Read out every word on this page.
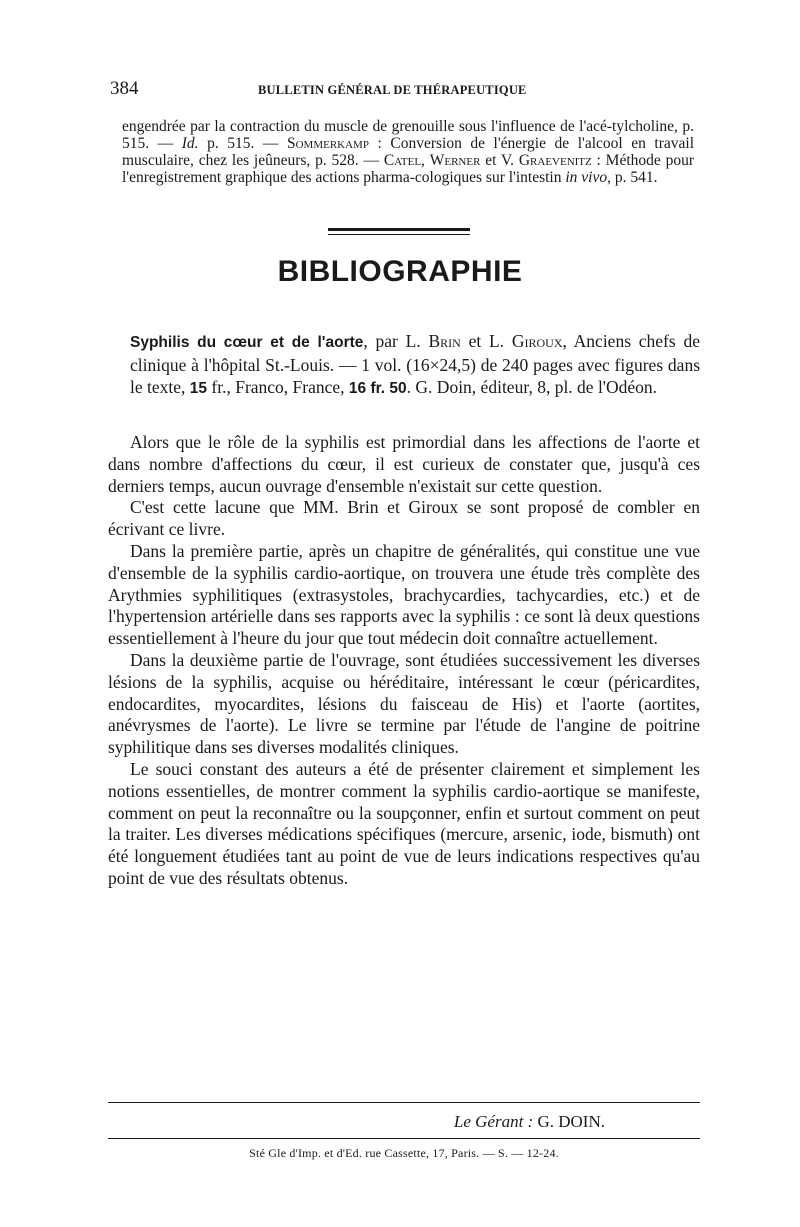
384	BULLETIN GÉNÉRAL DE THÉRAPEUTIQUE

engendrée par la contraction du muscle de grenouille sous l'influence de l'acé-tylcholine, p. 515. — Id. p. 515. — Sommerkamp : Conversion de l'énergie de l'alcool en travail musculaire, chez les jeûneurs, p. 528. — Catel, Werner et V. Graevenitz : Méthode pour l'enregistrement graphique des actions pharma-cologiques sur l'intestin in vivo, p. 541.

BIBLIOGRAPHIE
Syphilis du cœur et de l'aorte, par L. Brin et L. Giroux, Anciens chefs de clinique à l'hôpital St.-Louis. — 1 vol. (16×24,5) de 240 pages avec figures dans le texte, 15 fr., Franco, France, 16 fr. 50. G. Doin, éditeur, 8, pl. de l'Odéon.

Alors que le rôle de la syphilis est primordial dans les affections de l'aorte et dans nombre d'affections du cœur, il est curieux de constater que, jusqu'à ces derniers temps, aucun ouvrage d'ensemble n'existait sur cette question.

C'est cette lacune que MM. Brin et Giroux se sont proposé de combler en écrivant ce livre.

Dans la première partie, après un chapitre de généralités, qui constitue une vue d'ensemble de la syphilis cardio-aortique, on trouvera une étude très complète des Arythmies syphilitiques (extrasystoles, brachycardies, tachycardies, etc.) et de l'hypertension artérielle dans ses rapports avec la syphilis : ce sont là deux questions essentiellement à l'heure du jour que tout médecin doit connaître actuellement.

Dans la deuxième partie de l'ouvrage, sont étudiées successivement les diverses lésions de la syphilis, acquise ou héréditaire, intéressant le cœur (péricardites, endocardites, myocardites, lésions du faisceau de His) et l'aorte (aortites, anévrysmes de l'aorte). Le livre se termine par l'étude de l'angine de poitrine syphilitique dans ses diverses modalités cliniques.

Le souci constant des auteurs a été de présenter clairement et simplement les notions essentielles, de montrer comment la syphilis cardio-aortique se manifeste, comment on peut la reconnaître ou la soupçonner, enfin et surtout comment on peut la traiter. Les diverses médications spécifiques (mercure, arsenic, iode, bismuth) ont été longuement étudiées tant au point de vue de leurs indications respectives qu'au point de vue des résultats obtenus.

Le Gérant : G. DOIN.
Sté Gle d'Imp. et d'Ed. rue Cassette, 17, Paris. — S. — 12-24.
